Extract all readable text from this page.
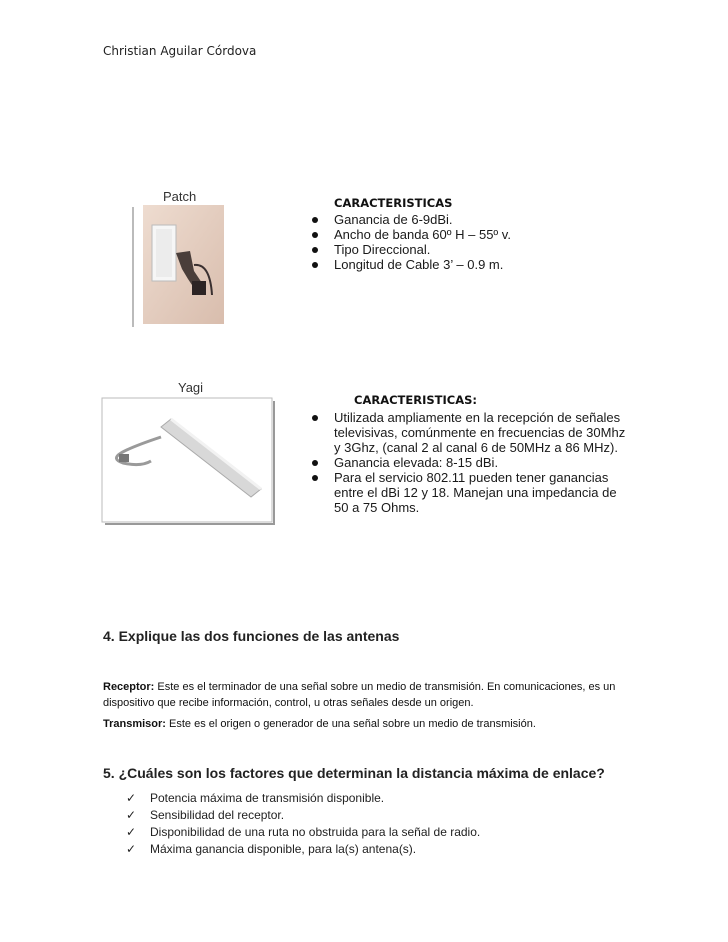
Christian Aguilar Córdova
Patch	CARACTERISTICAS
Ganancia de 6-9dBi.
Ancho de banda 60º H – 55º v.
Tipo Direccional.
Longitud de Cable 3’ – 0.9 m.
Yagi
CARACTERISTICAS:
Utilizada ampliamente en la recepción de señales televisivas, comúnmente en frecuencias de 30Mhz y 3Ghz, (canal 2 al canal 6 de 50MHz a 86 MHz).
Ganancia elevada: 8-15 dBi.
Para el servicio 802.11 pueden tener ganancias entre el dBi 12 y 18. Manejan una impedancia de 50 a 75 Ohms.
4. Explique las dos funciones de las antenas
Receptor: Este es el terminador de una señal sobre un medio de transmisión. En comunicaciones, es un dispositivo que recibe información, control, u otras señales desde un origen.
Transmisor: Este es el origen o generador de una señal sobre un medio de transmisión.
5. ¿Cuáles son los factores que determinan la distancia máxima de enlace?
✓ Potencia máxima de transmisión disponible.
✓ Sensibilidad del receptor.
✓ Disponibilidad de una ruta no obstruida para la señal de radio.
✓ Máxima ganancia disponible, para la(s) antena(s).
